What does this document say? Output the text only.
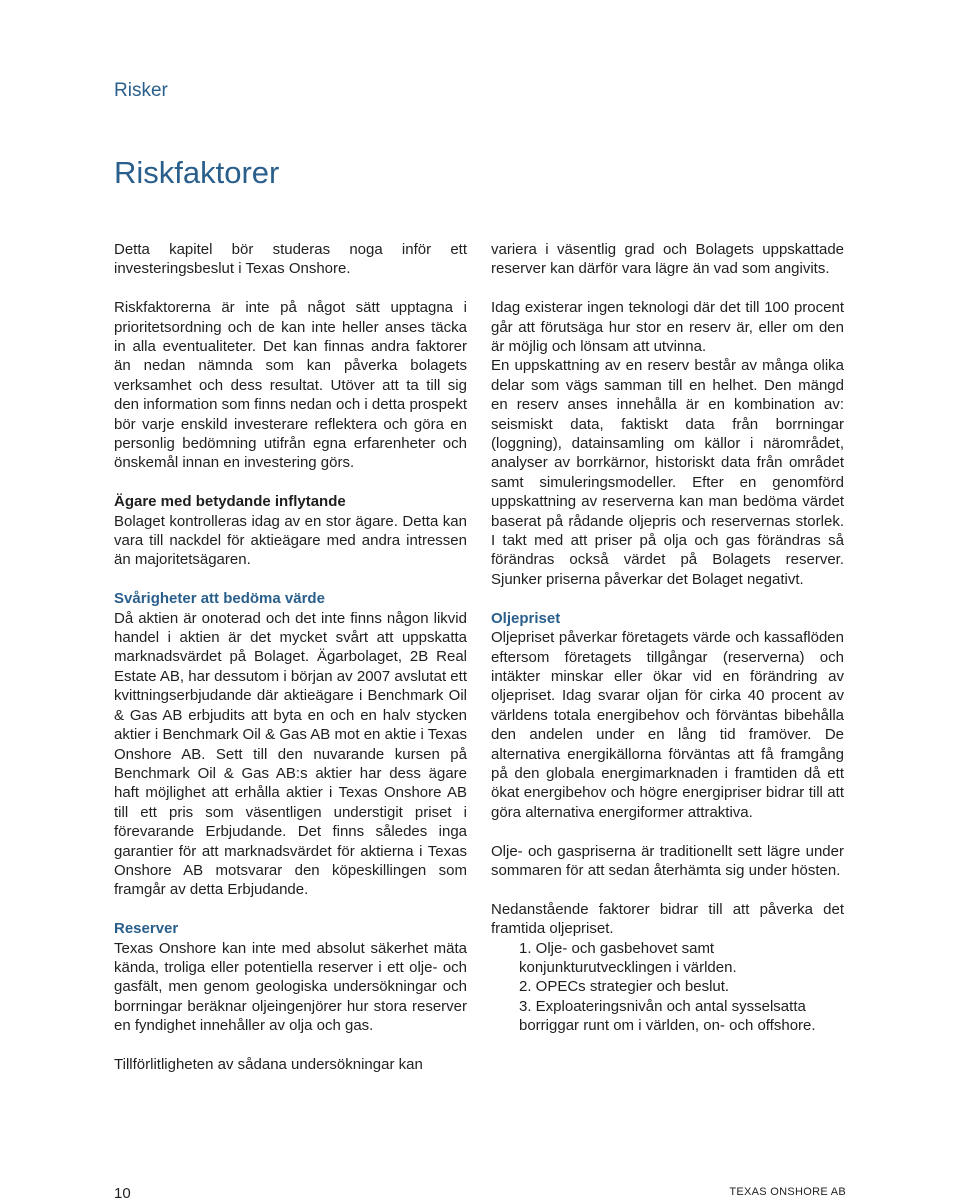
Risker
Riskfaktorer

Detta kapitel bör studeras noga inför ett investeringsbeslut i Texas Onshore.

Riskfaktorerna är inte på något sätt upptagna i prioritetsordning och de kan inte heller anses täcka in alla eventualiteter. Det kan finnas andra faktorer än nedan nämnda som kan påverka bolagets verksamhet och dess resultat. Utöver att ta till sig den information som finns nedan och i detta prospekt bör varje enskild investerare reflektera och göra en personlig bedömning utifrån egna erfarenheter och önskemål innan en investering görs.

Ägare med betydande inflytande

Bolaget kontrolleras idag av en stor ägare. Detta kan vara till nackdel för aktieägare med andra intressen än majoritetsägaren.

Svårigheter att bedöma värde

Då aktien är onoterad och det inte finns någon likvid handel i aktien är det mycket svårt att uppskatta marknadsvärdet på Bolaget. Ägarbolaget, 2B Real Estate AB, har dessutom i början av 2007 avslutat ett kvittningserbjudande där aktieägare i Benchmark Oil & Gas AB erbjudits att byta en och en halv stycken aktier i Benchmark Oil & Gas AB mot en aktie i Texas Onshore AB. Sett till den nuvarande kursen på Benchmark Oil & Gas AB:s aktier har dess ägare haft möjlighet att erhålla aktier i Texas Onshore AB till ett pris som väsentligen understigit priset i förevarande Erbjudande. Det finns således inga garantier för att marknadsvärdet för aktierna i Texas Onshore AB motsvarar den köpeskillingen som framgår av detta Erbjudande.

Reserver

Texas Onshore kan inte med absolut säkerhet mäta kända, troliga eller potentiella reserver i ett olje- och gasfält, men genom geologiska undersökningar och borrningar beräknar oljeingenjörer hur stora reserver en fyndighet innehåller av olja och gas.

Tillförlitligheten av sådana undersökningar kan

variera i väsentlig grad och Bolagets uppskattade reserver kan därför vara lägre än vad som angivits.

Idag existerar ingen teknologi där det till 100 procent går att förutsäga hur stor en reserv är, eller om den är möjlig och lönsam att utvinna.

En uppskattning av en reserv består av många olika delar som vägs samman till en helhet. Den mängd en reserv anses innehålla är en kombination av: seismiskt data, faktiskt data från borrningar (loggning), datainsamling om källor i närområdet, analyser av borrkärnor, historiskt data från området samt simuleringsmodeller. Efter en genomförd uppskattning av reserverna kan man bedöma värdet baserat på rådande oljepris och reservernas storlek. I takt med att priser på olja och gas förändras så förändras också värdet på Bolagets reserver. Sjunker priserna påverkar det Bolaget negativt.

Oljepriset

Oljepriset påverkar företagets värde och kassaflöden eftersom företagets tillgångar (reserverna) och intäkter minskar eller ökar vid en förändring av oljepriset. Idag svarar oljan för cirka 40 procent av världens totala energibehov och förväntas bibehålla den andelen under en lång tid framöver. De alternativa energikällorna förväntas att få framgång på den globala energimarknaden i framtiden då ett ökat energibehov och högre energipriser bidrar till att göra alternativa energiformer attraktiva.

Olje- och gaspriserna är traditionellt sett lägre under sommaren för att sedan återhämta sig under hösten.

Nedanstående faktorer bidrar till att påverka det framtida oljepriset.

1. Olje- och gasbehovet samt konjunkturutvecklingen i världen.
2. OPECs strategier och beslut.
3. Exploateringsnivån och antal sysselsatta borriggar runt om i världen, on- och offshore.
10	TEXAS ONSHORE AB
